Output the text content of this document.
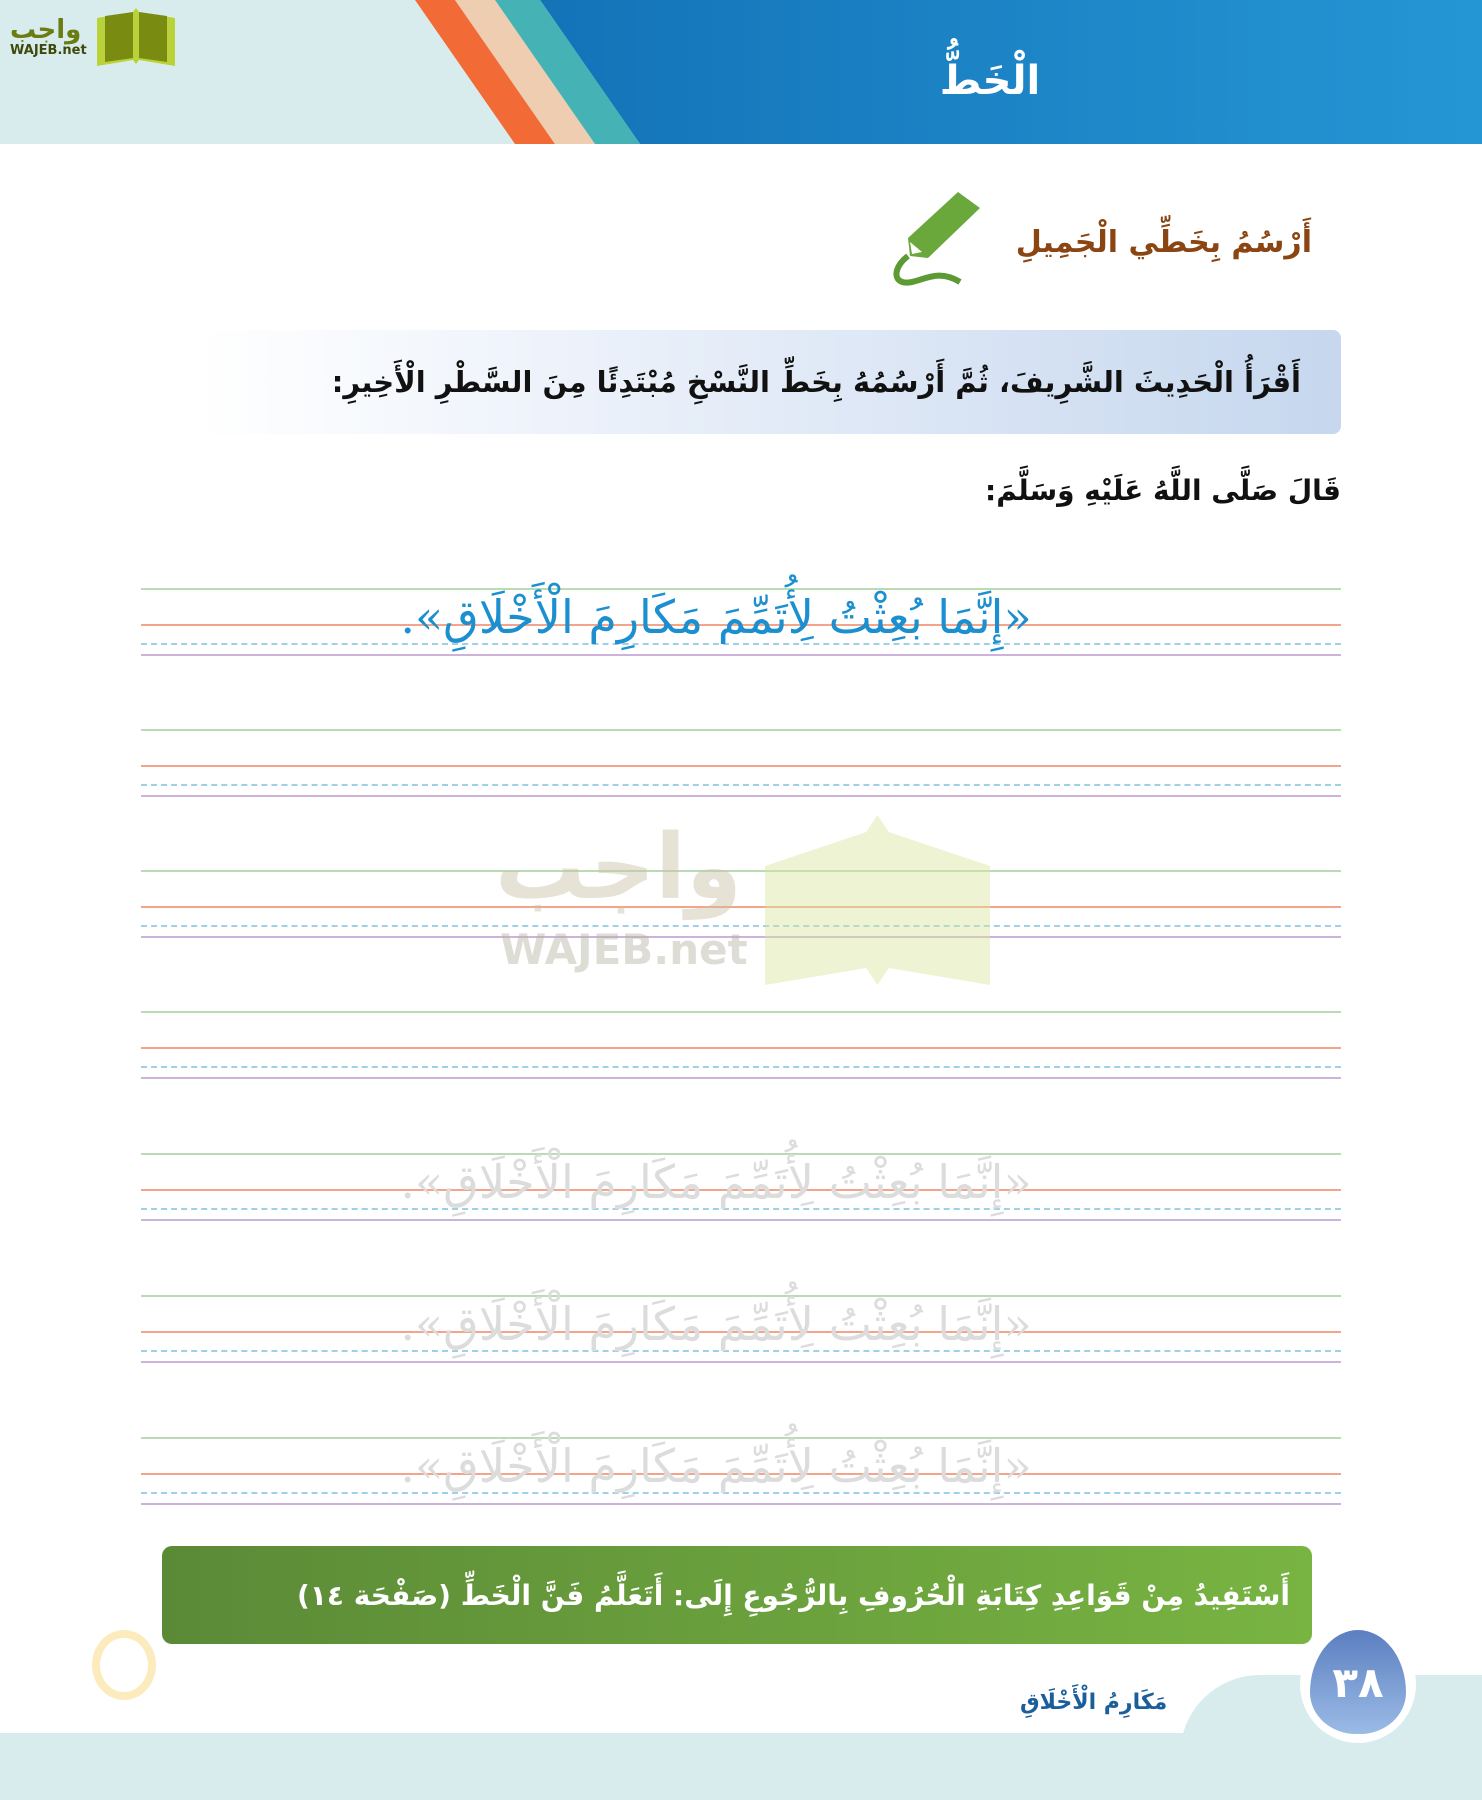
الْخَطُّ
واجب
WAJEB.net
أَرْسُمُ بِخَطِّي الْجَمِيلِ
أَقْرَأُ الْحَدِيثَ الشَّرِيفَ، ثُمَّ أَرْسُمُهُ بِخَطِّ النَّسْخِ مُبْتَدِئًا مِنَ السَّطْرِ الْأَخِيرِ:
قَالَ صَلَّى اللَّهُ عَلَيْهِ وَسَلَّمَ:
«إِنَّمَا بُعِثْتُ لِأُتَمِّمَ مَكَارِمَ الْأَخْلَاقِ».
«إِنَّمَا بُعِثْتُ لِأُتَمِّمَ مَكَارِمَ الْأَخْلَاقِ».
«إِنَّمَا بُعِثْتُ لِأُتَمِّمَ مَكَارِمَ الْأَخْلَاقِ».
«إِنَّمَا بُعِثْتُ لِأُتَمِّمَ مَكَارِمَ الْأَخْلَاقِ».
واجب
WAJEB.net
أَسْتَفِيدُ مِنْ قَوَاعِدِ كِتَابَةِ الْحُرُوفِ بِالرُّجُوعِ إِلَى: أَتَعَلَّمُ فَنَّ الْخَطِّ (صَفْحَة ١٤)
مَكَارِمُ الْأَخْلَاقِ	٣٨
